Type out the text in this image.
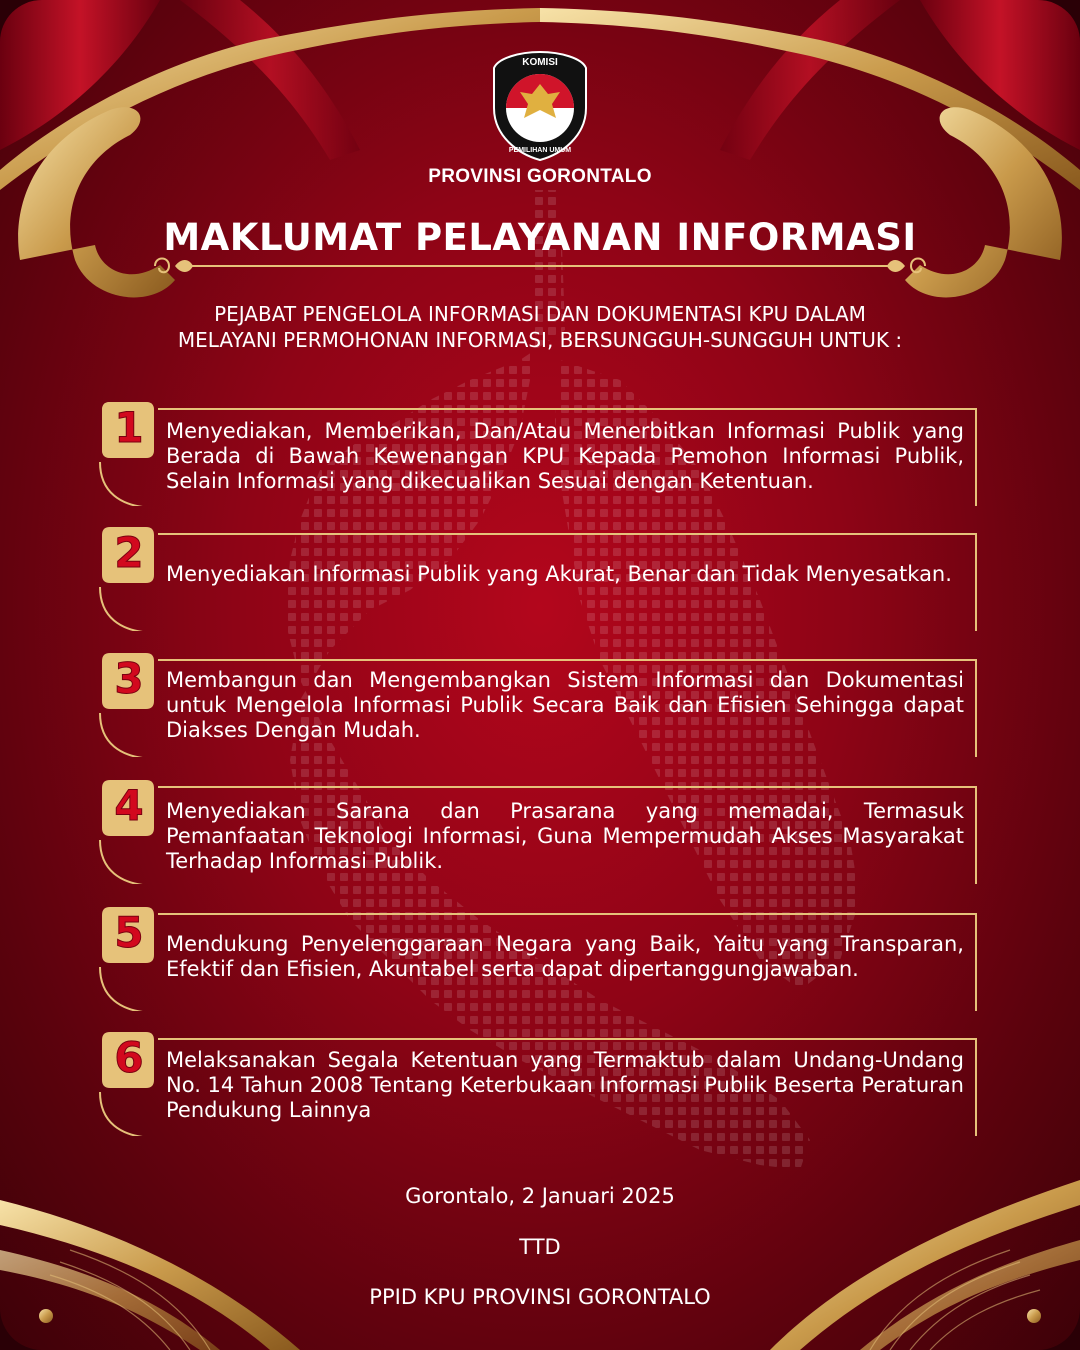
KOMISI
PEMILIHAN UMUM
PROVINSI GORONTALO
MAKLUMAT PELAYANAN INFORMASI
PEJABAT PENGELOLA INFORMASI DAN DOKUMENTASI KPU DALAM
MELAYANI PERMOHONAN INFORMASI, BERSUNGGUH-SUNGGUH UNTUK :
1	Menyediakan, Memberikan, Dan/Atau Menerbitkan Informasi Publik yang Berada di Bawah Kewenangan KPU Kepada Pemohon Informasi Publik, Selain Informasi yang dikecualikan Sesuai dengan Ketentuan.
2	Menyediakan Informasi Publik yang Akurat, Benar dan Tidak Menyesatkan.
3	Membangun dan Mengembangkan Sistem Informasi dan Dokumentasi untuk Mengelola Informasi Publik Secara Baik dan Efisien Sehingga dapat Diakses Dengan Mudah.
4	Menyediakan Sarana dan Prasarana yang memadai, Termasuk Pemanfaatan Teknologi Informasi, Guna Mempermudah Akses Masyarakat Terhadap Informasi Publik.
5	Mendukung Penyelenggaraan Negara yang Baik, Yaitu yang Transparan, Efektif dan Efisien, Akuntabel serta dapat dipertanggungjawaban.
6	Melaksanakan Segala Ketentuan yang Termaktub dalam Undang-Undang No. 14 Tahun 2008 Tentang Keterbukaan Informasi Publik Beserta Peraturan Pendukung Lainnya
Gorontalo, 2 Januari 2025
TTD
PPID KPU PROVINSI GORONTALO
